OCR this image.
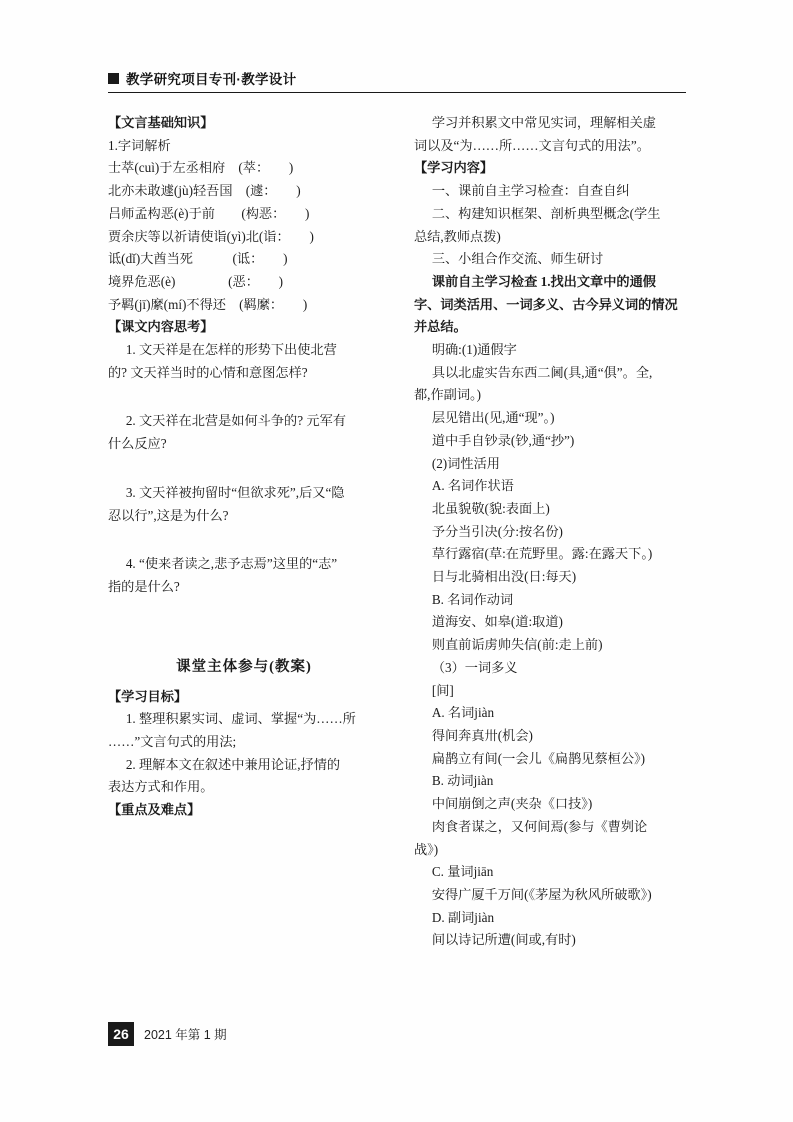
教学研究项目专刊·教学设计
【文言基础知识】
1.字词解析
士萃(cuì)于左丞相府　(萃：　　)
北亦未敢遽(jù)轻吾国　(遽：　　)
吕师孟构恶(è)于前　　(构恶：　　)
贾余庆等以祈请使诣(yì)北(诣：　　)
诋(dǐ)大酋当死　　　(诋：　　)
境界危恶(è)　　　　(恶：　　)
予羁(jī)縻(mí)不得还　(羁縻：　　)
【课文内容思考】
1. 文天祥是在怎样的形势下出使北营
的? 文天祥当时的心情和意图怎样?
2. 文天祥在北营是如何斗争的? 元军有
什么反应?
3. 文天祥被拘留时“但欲求死”,后又“隐
忍以行”,这是为什么?
4. “使来者读之,悲予志焉”这里的“志”
指的是什么?
课堂主体参与(教案)
【学习目标】
1. 整理积累实词、虚词、掌握“为……所
……”文言句式的用法;
2. 理解本文在叙述中兼用论证,抒情的
表达方式和作用。
【重点及难点】
学习并积累文中常见实词，理解相关虚
词以及“为……所……文言句式的用法”。
【学习内容】
一、课前自主学习检查：自查自纠
二、构建知识框架、剖析典型概念(学生
总结,教师点拨)
三、小组合作交流、师生研讨
课前自主学习检查 1.找出文章中的通假
字、词类活用、一词多义、古今异义词的情况
并总结。
明确:(1)通假字
具以北虚实告东西二阃(具,通“俱”。全,
都,作副词。)
层见错出(见,通“现”。)
道中手自钞录(钞,通“抄”)
(2)词性活用
A. 名词作状语
北虽貌敬(貌:表面上)
予分当引决(分:按名份)
草行露宿(草:在荒野里。露:在露天下。)
日与北骑相出没(日:每天)
B. 名词作动词
道海安、如皋(道:取道)
则直前诟虏帅失信(前:走上前)
（3）一词多义
[间]
A. 名词jiàn
得间奔真卅(机会)
扁鹊立有间(一会儿《扁鹊见蔡桓公》)
B. 动词jiàn
中间崩倒之声(夹杂《口技》)
肉食者谋之，又何间焉(参与《曹刿论
战》)
C. 量词jiān
安得广厦千万间(《茅屋为秋风所破歌》)
D. 副词jiàn
间以诗记所遭(间或,有时)
26	2021 年第 1 期
